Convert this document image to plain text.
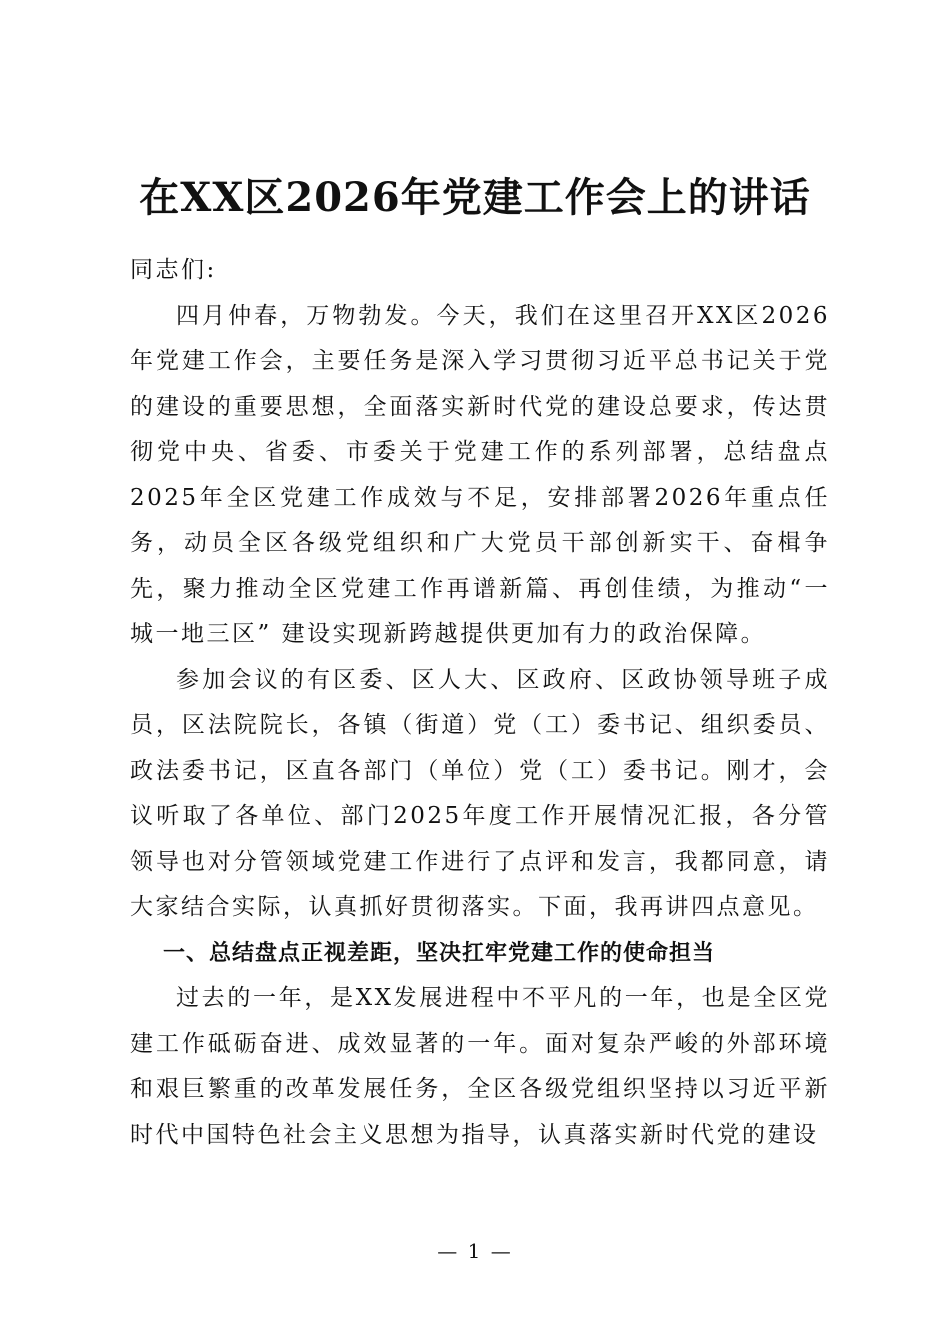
在XX区2026年党建工作会上的讲话

同志们:

四月仲春，万物勃发。今天，我们在这里召开XX区2026年党建工作会，主要任务是深入学习贯彻习近平总书记关于党的建设的重要思想，全面落实新时代党的建设总要求，传达贯彻党中央、省委、市委关于党建工作的系列部署，总结盘点2025年全区党建工作成效与不足，安排部署2026年重点任务，动员全区各级党组织和广大党员干部创新实干、奋楫争先，聚力推动全区党建工作再谱新篇、再创佳绩，为推动“一城一地三区” 建设实现新跨越提供更加有力的政治保障。

参加会议的有区委、区人大、区政府、区政协领导班子成员，区法院院长，各镇（街道）党（工）委书记、组织委员、政法委书记，区直各部门（单位）党（工）委书记。刚才，会议听取了各单位、部门2025年度工作开展情况汇报，各分管领导也对分管领域党建工作进行了点评和发言，我都同意，请大家结合实际，认真抓好贯彻落实。下面，我再讲四点意见。

一、总结盘点正视差距，坚决扛牢党建工作的使命担当

过去的一年，是XX发展进程中不平凡的一年，也是全区党建工作砥砺奋进、成效显著的一年。面对复杂严峻的外部环境和艰巨繁重的改革发展任务，全区各级党组织坚持以习近平新时代中国特色社会主义思想为指导，认真落实新时代党的建设

— 1 —
